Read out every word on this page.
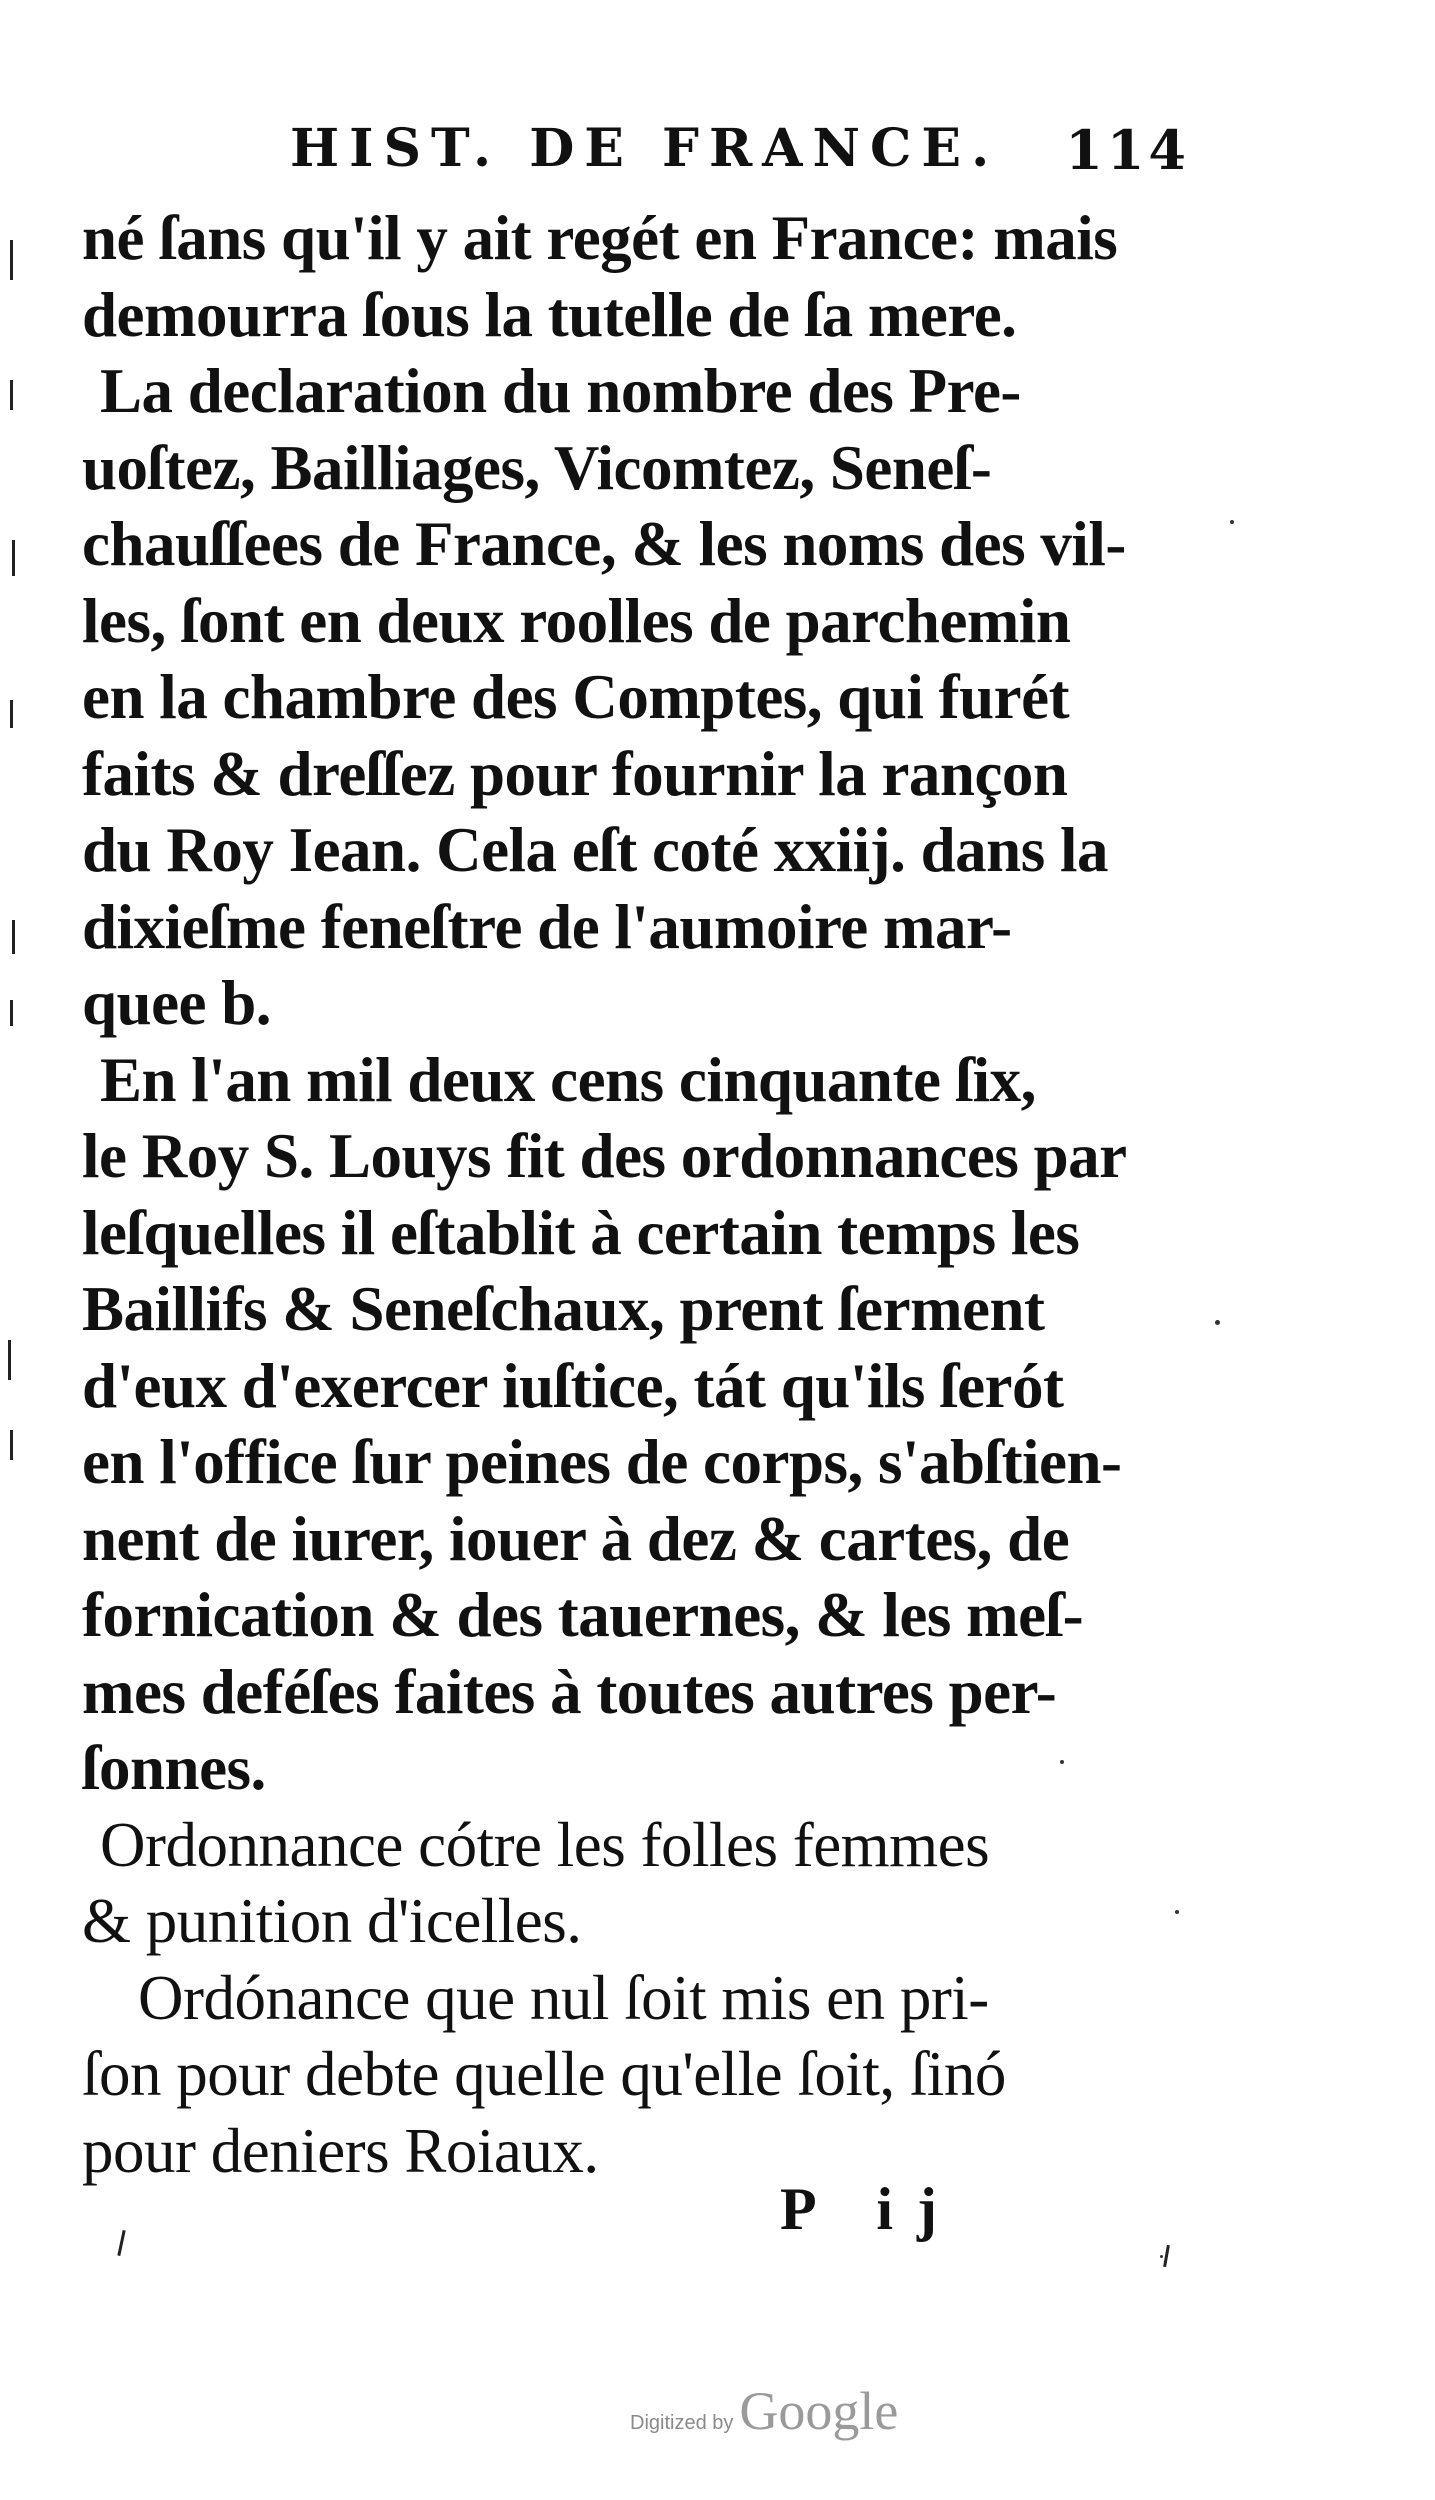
HIST. DE FRANCE. 114
né ſans qu'il y ait regét en France: mais
demourra ſous la tutelle de ſa mere.
La declaration du nombre des Pre-
uoſtez, Bailliages, Vicomtez, Seneſ-
chauſſees de France, & les noms des vil-
les, ſont en deux roolles de parchemin
en la chambre des Comptes, qui furét
faits & dreſſez pour fournir la rançon
du Roy Iean. Cela eſt coté xxiij. dans la
dixieſme feneſtre de l'aumoire mar-
quee b.
En l'an mil deux cens cinquante ſix,
le Roy S. Louys fit des ordonnances par
leſquelles il eſtablit à certain temps les
Baillifs & Seneſchaux, prent ſerment
d'eux d'exercer iuſtice, tát qu'ils ſerót
en l'office ſur peines de corps, s'abſtien-
nent de iurer, iouer à dez & cartes, de
fornication & des tauernes, & les meſ-
mes deféſes faites à toutes autres per-
ſonnes.
Ordonnance cótre les folles femmes
& punition d'icelles.
Ordónance que nul ſoit mis en pri-
ſon pour debte quelle qu'elle ſoit, ſinó
pour deniers Roiaux.
P ij
Digitized by Google
